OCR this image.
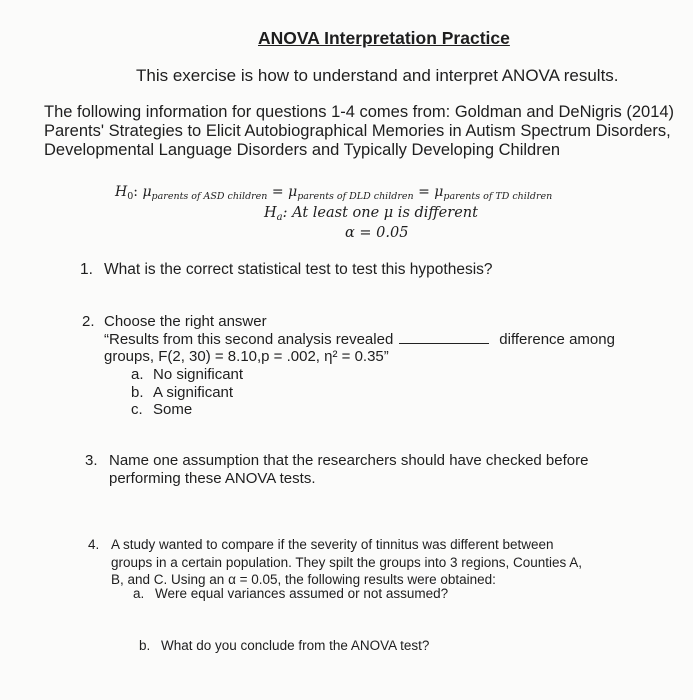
ANOVA Interpretation Practice
This exercise is how to understand and interpret ANOVA results.
The following information for questions 1-4 comes from: Goldman and DeNigris (2014)
Parents' Strategies to Elicit Autobiographical Memories in Autism Spectrum Disorders,
Developmental Language Disorders and Typically Developing Children
$H_0$: $\mu_{parents of ASD children} = \mu_{parents of DLD children} = \mu_{parents of TD children}$
$H_a$: At least one μ is different
α = 0.05
1. What is the correct statistical test to test this hypothesis?
2. Choose the right answer
“Results from this second analysis revealed	difference among
groups, F(2, 30) = 8.10,p = .002, η² = 0.35”
a. No significant
b. A significant
c. Some
3. Name one assumption that the researchers should have checked before
performing these ANOVA tests.
4. A study wanted to compare if the severity of tinnitus was different between
groups in a certain population. They spilt the groups into 3 regions, Counties A,
B, and C. Using an α = 0.05, the following results were obtained:
a. Were equal variances assumed or not assumed?
b. What do you conclude from the ANOVA test?
